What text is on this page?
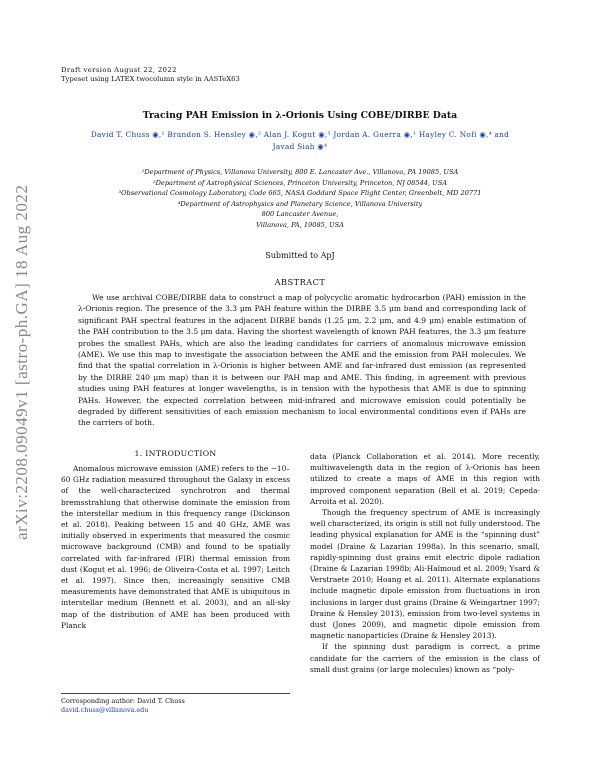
arXiv:2208.09049v1 [astro-ph.GA] 18 Aug 2022
Draft version August 22, 2022
Typeset using LATEX twocolumn style in AASTeX63
Tracing PAH Emission in λ-Orionis Using COBE/DIRBE Data
David T. Chuss ◉,¹ Brandon S. Hensley ◉,² Alan J. Kogut ◉,³ Jordan A. Guerra ◉,¹ Hayley C. Nofi ◉,⁴ and
Javad Siah ◉⁴
¹Department of Physics, Villanova University, 800 E. Lancaster Ave., Villanova, PA 19085, USA
²Department of Astrophysical Sciences, Princeton University, Princeton, NJ 08544, USA
³Observational Cosmology Laboratory, Code 665, NASA Goddard Space Flight Center, Greenbelt, MD 20771
⁴Department of Astrophysics and Planetary Science, Villanova University
800 Lancaster Avenue,
Villanova, PA, 19085, USA
Submitted to ApJ
ABSTRACT
We use archival COBE/DIRBE data to construct a map of polycyclic aromatic hydrocarbon (PAH) emission in the λ-Orionis region. The presence of the 3.3 μm PAH feature within the DIRBE 3.5 μm band and corresponding lack of significant PAH spectral features in the adjacent DIRBE bands (1.25 μm, 2.2 μm, and 4.9 μm) enable estimation of the PAH contribution to the 3.5 μm data. Having the shortest wavelength of known PAH features, the 3.3 μm feature probes the smallest PAHs, which are also the leading candidates for carriers of anomalous microwave emission (AME). We use this map to investigate the association between the AME and the emission from PAH molecules. We find that the spatial correlation in λ-Orionis is higher between AME and far-infrared dust emission (as represented by the DIRBE 240 μm map) than it is between our PAH map and AME. This finding, in agreement with previous studies using PAH features at longer wavelengths, is in tension with the hypothesis that AME is due to spinning PAHs. However, the expected correlation between mid-infrared and microwave emission could potentially be degraded by different sensitivities of each emission mechanism to local environmental conditions even if PAHs are the carriers of both.
1. INTRODUCTION
Anomalous microwave emission (AME) refers to the ∼10–60 GHz radiation measured throughout the Galaxy in excess of the well-characterized synchrotron and thermal bremsstrahlung that otherwise dominate the emission from the interstellar medium in this frequency range (Dickinson et al. 2018). Peaking between 15 and 40 GHz, AME was initially observed in experiments that measured the cosmic microwave background (CMB) and found to be spatially correlated with far-infrared (FIR) thermal emission from dust (Kogut et al. 1996; de Oliveira-Costa et al. 1997; Leitch et al. 1997). Since then, increasingly sensitive CMB measurements have demonstrated that AME is ubiquitous in interstellar medium (Bennett et al. 2003), and an all-sky map of the distribution of AME has been produced with Planck

data (Planck Collaboration et al. 2014). More recently, multiwavelength data in the region of λ-Orionis has been utilized to create a maps of AME in this region with improved component separation (Bell et al. 2019; Cepeda-Arroita et al. 2020).

Though the frequency spectrum of AME is increasingly well characterized, its origin is still not fully understood. The leading physical explanation for AME is the “spinning dust” model (Draine & Lazarian 1998a). In this scenario, small, rapidly-spinning dust grains emit electric dipole radiation (Draine & Lazarian 1998b; Ali-Haïmoud et al. 2009; Ysard & Verstraete 2010; Hoang et al. 2011). Alternate explanations include magnetic dipole emission from fluctuations in iron inclusions in larger dust grains (Draine & Weingartner 1997; Draine & Hensley 2013), emission from two-level systems in dust (Jones 2009), and magnetic dipole emission from magnetic nanoparticles (Draine & Hensley 2013).

If the spinning dust paradigm is correct, a prime candidate for the carriers of the emission is the class of small dust grains (or large molecules) known as “poly-

Corresponding author: David T. Chuss
david.chuss@villanova.edu
